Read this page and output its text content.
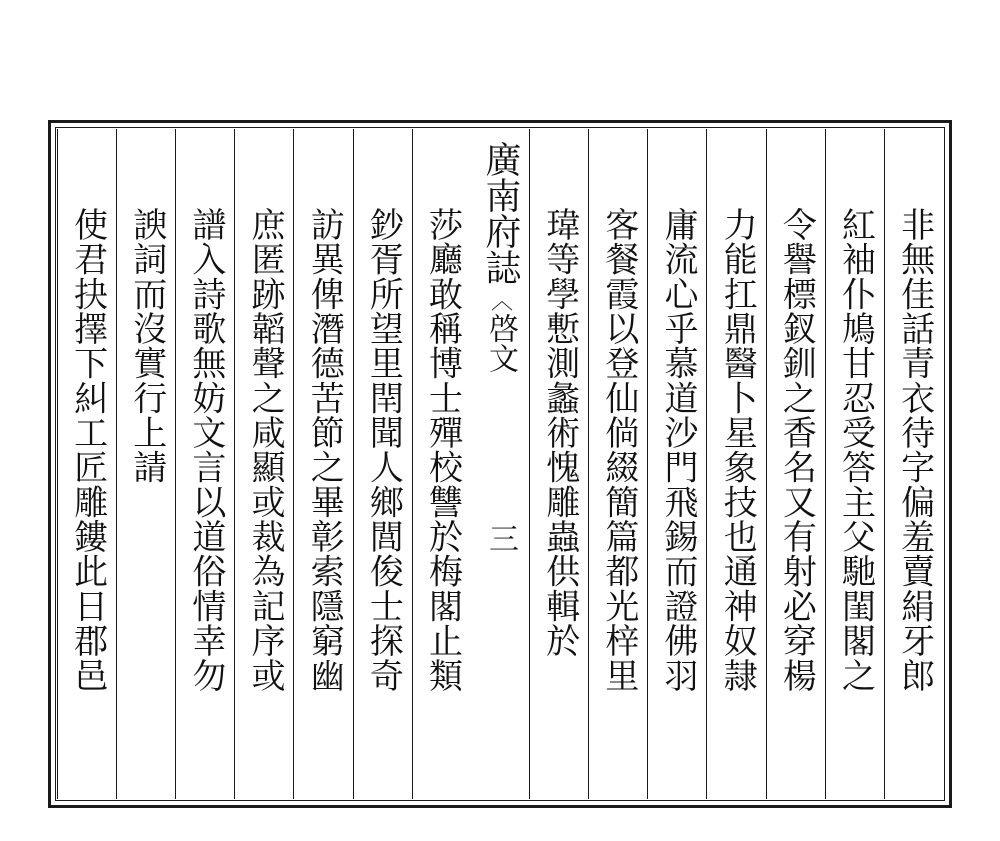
非無佳話青衣待字偏羞賣絹牙郎
紅袖仆鳩甘忍受答主父馳閨閣之
令譽標釵釧之香名又有射必穿楊
力能扛鼎醫卜星象技也通神奴隷
庸流心乎慕道沙門飛錫而證佛羽
客餐霞以登仙倘綴簡篇都光梓里
瑋等學慙測蠡術愧雕蟲供輯於
廣南府誌
〈
啓文
三
莎廳敢稱博士殫校讐於梅閣止類
鈔胥所望里閈聞人鄉閭俊士探奇
訪異俾潛德苦節之畢彰索隱窮幽
庶匿跡韜聲之咸顯或裁為記序或
譜入詩歌無妨文言以道俗情幸勿
諛詞而沒實行上請
使君抉擇下糾工匠雕鏤此日郡邑
